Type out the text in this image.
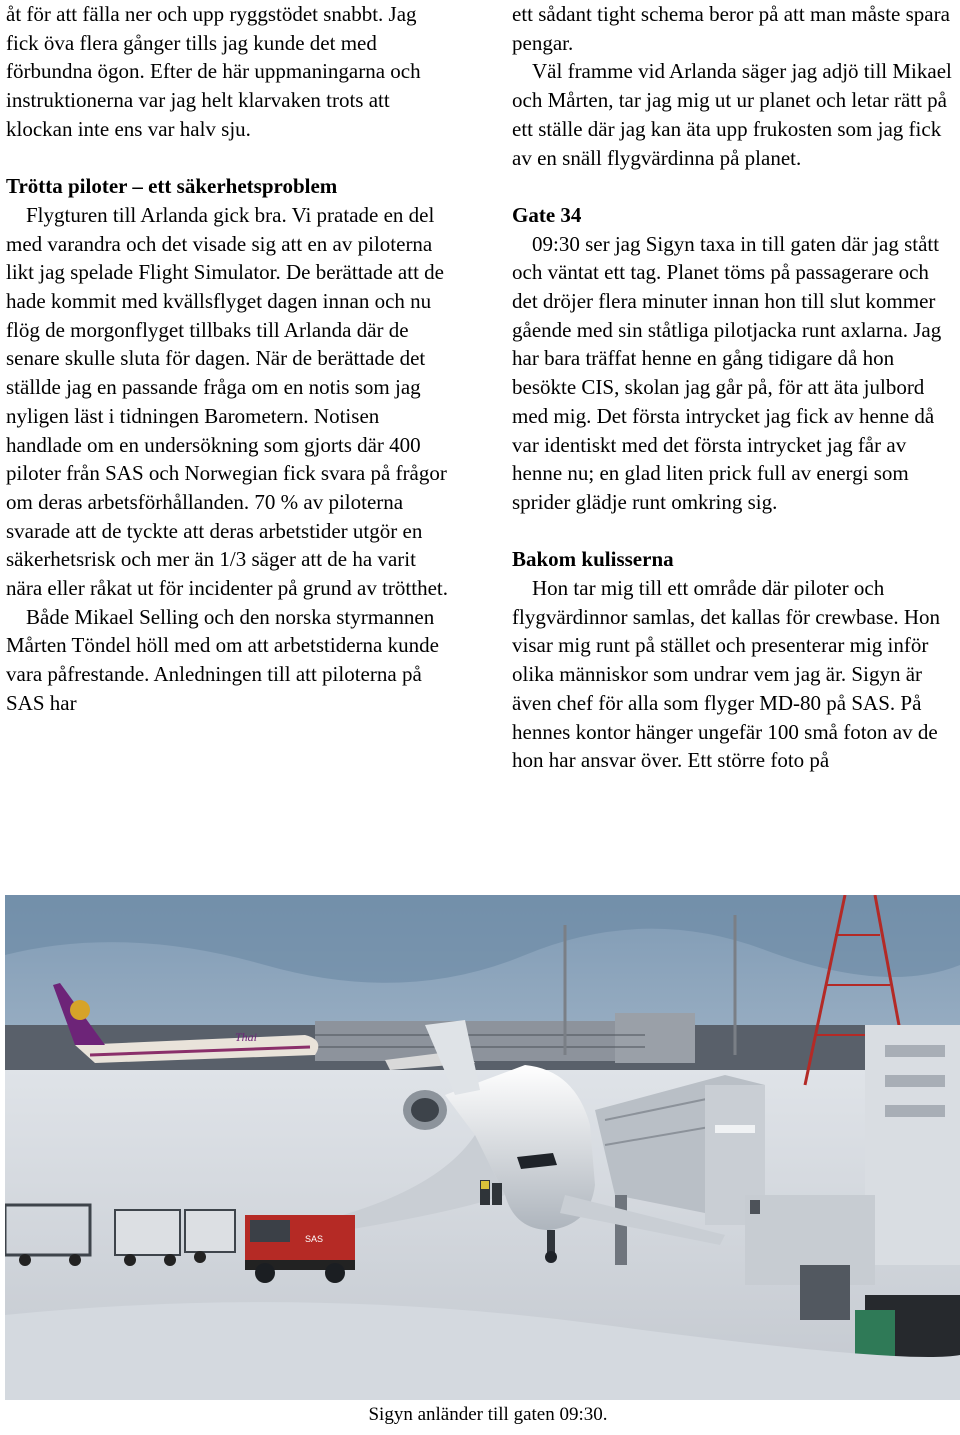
åt för att fälla ner och upp ryggstödet snabbt. Jag fick öva flera gånger tills jag kunde det med förbundna ögon. Efter de här uppmaningarna och instruktionerna var jag helt klarvaken trots att klockan inte ens var halv sju.

Trötta piloter – ett säkerhetsproblem

Flygturen till Arlanda gick bra. Vi pratade en del med varandra och det visade sig att en av piloterna likt jag spelade Flight Simulator. De berättade att de hade kommit med kvällsflyget dagen innan och nu flög de morgonflyget tillbaks till Arlanda där de senare skulle sluta för dagen. När de berättade det ställde jag en passande fråga om en notis som jag nyligen läst i tidningen Barometern. Notisen handlade om en undersökning som gjorts där 400 piloter från SAS och Norwegian fick svara på frågor om deras arbetsförhållanden. 70 % av piloterna svarade att de tyckte att deras arbetstider utgör en säkerhetsrisk och mer än 1/3 säger att de ha varit nära eller råkat ut för incidenter på grund av trötthet.

Både Mikael Selling och den norska styrmannen Mårten Töndel höll med om att arbetstiderna kunde vara påfrestande. Anledningen till att piloterna på SAS har

ett sådant tight schema beror på att man måste spara pengar.

Väl framme vid Arlanda säger jag adjö till Mikael och Mårten, tar jag mig ut ur planet och letar rätt på ett ställe där jag kan äta upp frukosten som jag fick av en snäll flygvärdinna på planet.

Gate 34

09:30 ser jag Sigyn taxa in till gaten där jag stått och väntat ett tag. Planet töms på passagerare och det dröjer flera minuter innan hon till slut kommer gående med sin ståtliga pilotjacka runt axlarna. Jag har bara träffat henne en gång tidigare då hon besökte CIS, skolan jag går på, för att äta julbord med mig. Det första intrycket jag fick av henne då var identiskt med det första intrycket jag får av henne nu; en glad liten prick full av energi som sprider glädje runt omkring sig.

Bakom kulisserna

Hon tar mig till ett område där piloter och flygvärdinnor samlas, det kallas för crewbase. Hon visar mig runt på stället och presenterar mig inför olika människor som undrar vem jag är. Sigyn är även chef för alla som flyger MD-80 på SAS. På hennes kontor hänger ungefär 100 små foton av de hon har ansvar över. Ett större foto på

Thai
SAS
Sigyn anländer till gaten 09:30.
